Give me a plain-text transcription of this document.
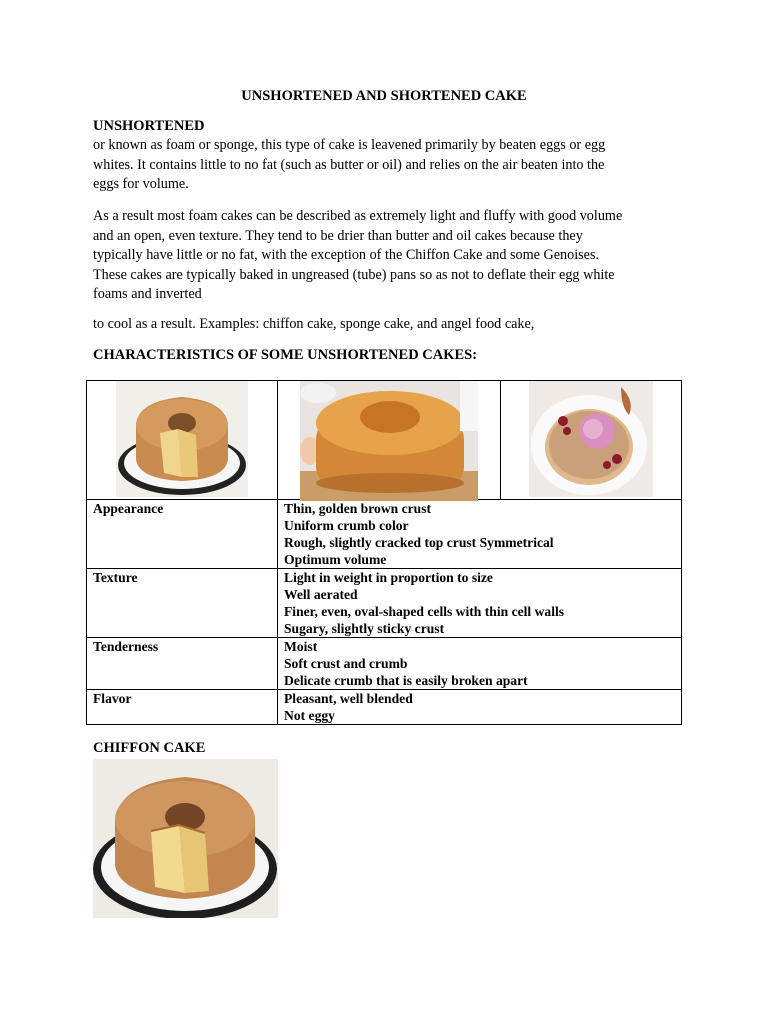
UNSHORTENED AND SHORTENED CAKE
UNSHORTENED
or known as foam or sponge, this type of cake is leavened primarily by beaten eggs or egg
whites. It contains little to no fat (such as butter or oil) and relies on the air beaten into the
eggs for volume.
As a result most foam cakes can be described as extremely light and fluffy with good volume
and an open, even texture. They tend to be drier than butter and oil cakes because they
typically have little or no fat, with the exception of the Chiffon Cake and some Genoises.
These cakes are typically baked in ungreased (tube) pans so as not to deflate their egg white
foams and inverted
to cool as a result. Examples: chiffon cake, sponge cake, and angel food cake,
CHARACTERISTICS OF SOME UNSHORTENED CAKES:

Appearance	Thin, golden brown crust
Uniform crumb color
Rough, slightly cracked top crust Symmetrical
Optimum volume	

Texture	Light in weight in proportion to size
Well aerated
Finer, even, oval-shaped cells with thin cell walls
Sugary, slightly sticky crust	

Tenderness	Moist
Soft crust and crumb
Delicate crumb that is easily broken apart	

Flavor	Pleasant, well blended
Not eggy	
CHIFFON CAKE
